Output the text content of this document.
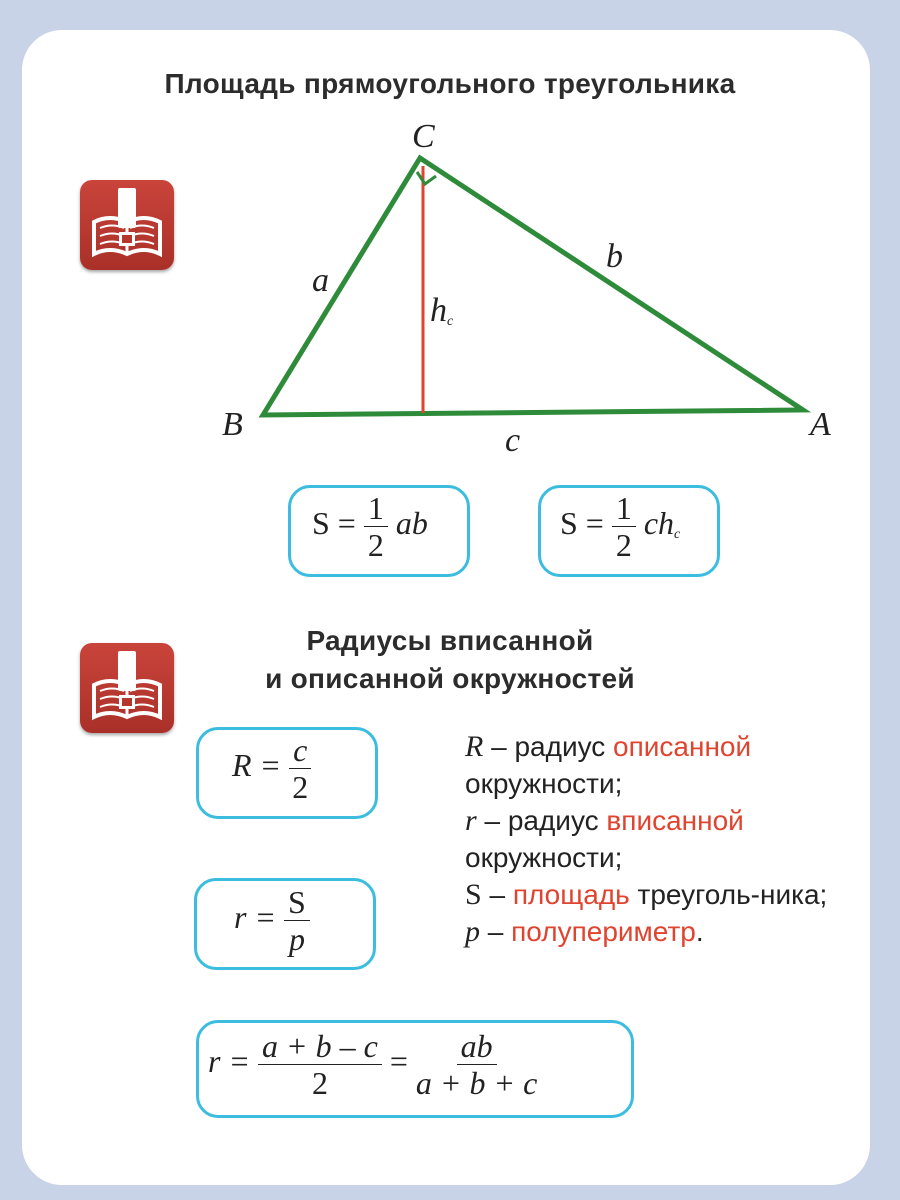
Площадь прямоугольного треугольника
C
B	A
a
b
c
$h_c$
$S = \frac{1}{2}$ ab	$S = \frac{1}{2} ch_c$
Радиусы вписанной
и описанной окружностей
$R = \frac{c}{2}$
$r = \frac{S}{p}$
$r = \frac{a + b - c}{2} = \frac{ab}{a + b + c}$
R – радиус описанной окружности;
r – радиус вписанной окружности;
S – площадь треуголь-ника;
p – полупериметр.
